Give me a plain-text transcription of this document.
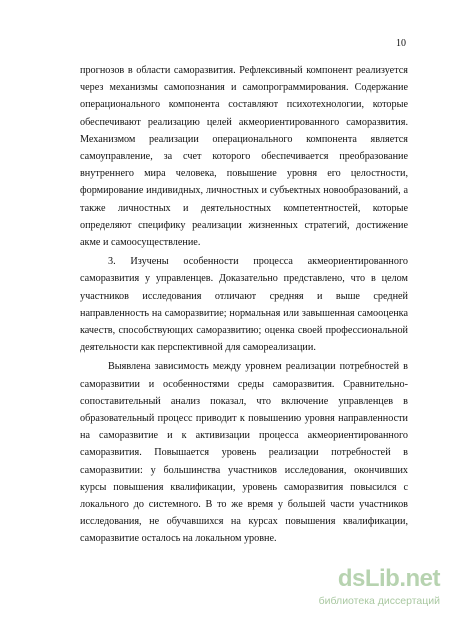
10

прогнозов в области саморазвития. Рефлексивный компонент реализуется через механизмы самопознания и самопрограммирования. Содержание операционального компонента составляют психотехнологии, которые обеспечивают реализацию целей акмеориентированного саморазвития. Механизмом реализации операционального компонента является самоуправление, за счет которого обеспечивается преобразование внутреннего мира человека, повышение уровня его целостности, формирование индивидных, личностных и субъектных новообразований, а также личностных и деятельностных компетентностей, которые определяют специфику реализации жизненных стратегий, достижение акме и самоосуществление.

3. Изучены особенности процесса акмеориентированного саморазвития у управленцев. Доказательно представлено, что в целом участников исследования отличают средняя и выше средней направленность на саморазвитие; нормальная или завышенная самооценка качеств, способствующих саморазвитию; оценка своей профессиональной деятельности как перспективной для самореализации.

Выявлена зависимость между уровнем реализации потребностей в саморазвитии и особенностями среды саморазвития. Сравнительно-сопоставительный анализ показал, что включение управленцев в образовательный процесс приводит к повышению уровня направленности на саморазвитие и к активизации процесса акмеориентированного саморазвития. Повышается уровень реализации потребностей в саморазвитии: у большинства участников исследования, окончивших курсы повышения квалификации, уровень саморазвития повысился с локального до системного. В то же время у большей части участников исследования, не обучавшихся на курсах повышения квалификации, саморазвитие осталось на локальном уровне.

dsLib.net
библиотека диссертаций
